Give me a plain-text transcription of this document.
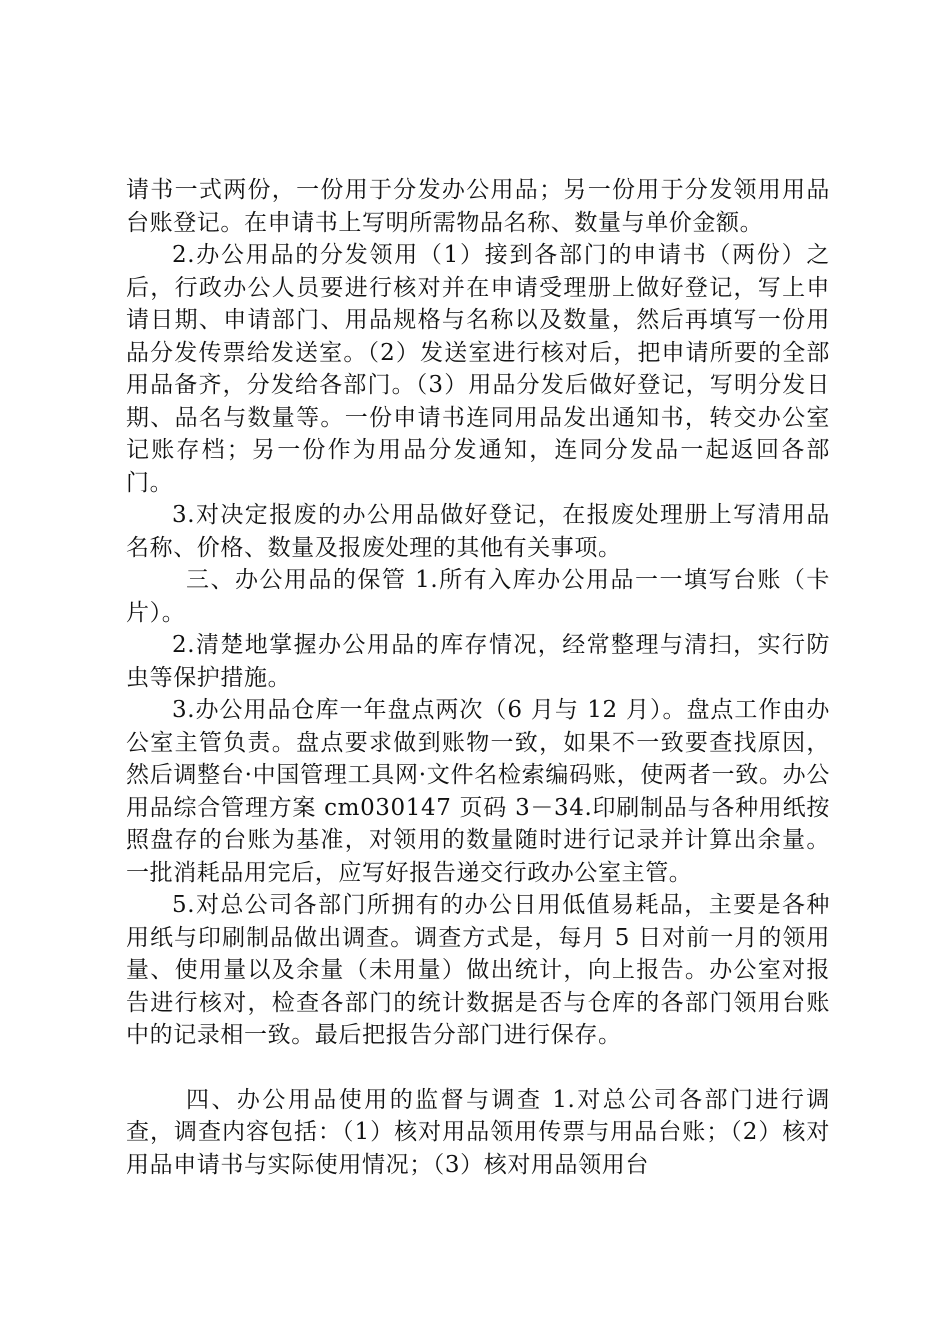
请书一式两份，一份用于分发办公用品；另一份用于分发领用用品台账登记。在申请书上写明所需物品名称、数量与单价金额。

2.办公用品的分发领用（1）接到各部门的申请书（两份）之后，行政办公人员要进行核对并在申请受理册上做好登记，写上申请日期、申请部门、用品规格与名称以及数量，然后再填写一份用品分发传票给发送室。（2）发送室进行核对后，把申请所要的全部用品备齐，分发给各部门。（3）用品分发后做好登记，写明分发日期、品名与数量等。一份申请书连同用品发出通知书，转交办公室记账存档；另一份作为用品分发通知，连同分发品一起返回各部门。

3.对决定报废的办公用品做好登记，在报废处理册上写清用品名称、价格、数量及报废处理的其他有关事项。

三、办公用品的保管 1.所有入库办公用品一一填写台账（卡片）。

2.清楚地掌握办公用品的库存情况，经常整理与清扫，实行防虫等保护措施。

3.办公用品仓库一年盘点两次（6 月与 12 月）。盘点工作由办公室主管负责。盘点要求做到账物一致，如果不一致要查找原因，然后调整台·中国管理工具网·文件名检索编码账，使两者一致。办公用品综合管理方案 cm030147 页码 3－34.印刷制品与各种用纸按照盘存的台账为基准，对领用的数量随时进行记录并计算出余量。一批消耗品用完后，应写好报告递交行政办公室主管。

5.对总公司各部门所拥有的办公日用低值易耗品，主要是各种用纸与印刷制品做出调查。调查方式是，每月 5 日对前一月的领用量、使用量以及余量（未用量）做出统计，向上报告。办公室对报告进行核对，检查各部门的统计数据是否与仓库的各部门领用台账中的记录相一致。最后把报告分部门进行保存。

四、办公用品使用的监督与调查 1.对总公司各部门进行调查，调查内容包括：（1）核对用品领用传票与用品台账；（2）核对用品申请书与实际使用情况；（3）核对用品领用台
